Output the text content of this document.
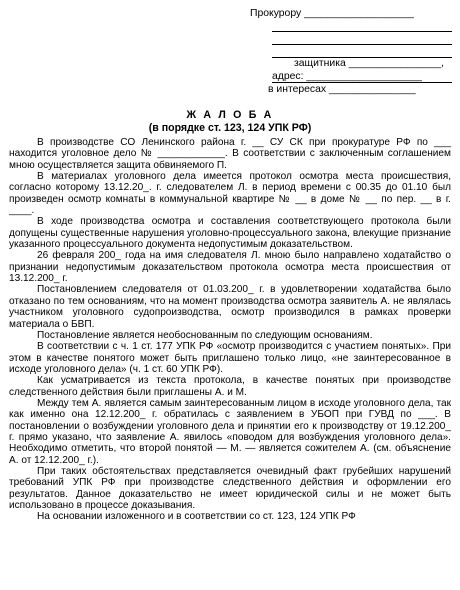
Прокурору ___________________
защитника ________________,
адрес: ____________________
в интересах _______________
Ж А Л О Б А
(в порядке ст. 123, 124 УПК РФ)

В производстве СО Ленинского района г. __ СУ СК при прокуратуре РФ по ___ находится уголовное дело № ____________. В соответствии с заключенным соглашением мною осуществляется защита обвиняемого П.

В материалах уголовного дела имеется протокол осмотра места происшествия, согласно которому 13.12.20_. г. следователем Л. в период времени с 00.35 до 01.10 был произведен осмотр комнаты в коммунальной квартире № __ в доме № __ по пер. __ в г. ____.

В ходе производства осмотра и составления соответствующего протокола были допущены существенные нарушения уголовно-процессуального закона, влекущие признание указанного процессуального документа недопустимым доказательством.

26 февраля 200_ года на имя следователя Л. мною было направлено ходатайство о признании недопустимым доказательством протокола осмотра места происшествия от 13.12.200_ г.

Постановлением следователя от 01.03.200_ г. в удовлетворении ходатайства было отказано по тем основаниям, что на момент производства осмотра заявитель А. не являлась участником уголовного судопроизводства, осмотр производился в рамках проверки материала о БВП.

Постановление является необоснованным по следующим основаниям.

В соответствии с ч. 1 ст. 177 УПК РФ «осмотр производится с участием понятых». При этом в качестве понятого может быть приглашено только лицо, «не заинтересованное в исходе уголовного дела» (ч. 1 ст. 60 УПК РФ).

Как усматривается из текста протокола, в качестве понятых при производстве следственного действия были приглашены А. и М.

Между тем А. является самым заинтересованным лицом в исходе уголовного дела, так как именно она 12.12.200_ г. обратилась с заявлением в УБОП при ГУВД по ___. В постановлении о возбуждении уголовного дела и принятии его к производству от 19.12.200_ г. прямо указано, что заявление А. явилось «поводом для возбуждения уголовного дела». Необходимо отметить, что второй понятой — М. — является сожителем А. (см. объяснение А. от 12.12.200_ г.).

При таких обстоятельствах представляется очевидный факт грубейших нарушений требований УПК РФ при производстве следственного действия и оформлении его результатов. Данное доказательство не имеет юридической силы и не может быть использовано в процессе доказывания.

На основании изложенного и в соответствии со ст. 123, 124 УПК РФ
